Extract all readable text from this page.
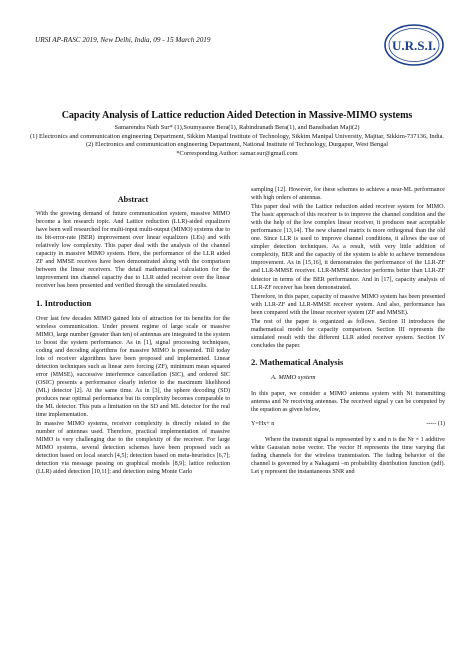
URSI AP-RASC 2019, New Delhi, India, 09 - 15 March 2019	U.R.S.I.
Capacity Analysis of Lattice reduction Aided Detection in Massive-MIMO systems
Samarendra Nath Sur* (1),Soumyasree Bera(1), Rabindranath Bera(1), and Bansibadan Maji(2)
(1) Electronics and communication engineering Department, Sikkim Manipal Institute of Technology, Sikkim Manipal University, Majitar, Sikkim-737136, India.
(2) Electronics and communication engineering Department, National Institute of Technology, Durgapur, West Bengal
*Corresponding Author: samar.sur@gmail.com
Abstract

With the growing demand of future communication system, massive MIMO become a hot research topic. And Lattice reduction (LLR)-aided equalizers have been well researched for multi-input multi-output (MIMO) systems due to its bit-error-rate (BER) improvement over linear equalizers (LEs) and with relatively low complexity. This paper deal with the analysis of the channel capacity in massive MIMO system. Here, the performance of the LLR aided ZF and MMSE receives have been demonstrated along with the comparison between the linear receivers. The detail mathematical calculation for the improvement inn channel capacity due to LLR aided receiver over the linear receiver has been presented and verified through the simulated results.

1. Introduction

Over last few decades MIMO gained lots of attraction for its benefits for the wireless communication. Under present regime of large scale or massive MIMO, large number (greater than ten) of antennas are integrated in the system to boost the system performance. As in [1], signal processing techniques, coding and decoding algorithms for massive MIMO is presented. Till today lots of receiver algorithms have been proposed and implemented. Linear detection techniques such as linear zero forcing (ZF), minimum mean squared error (MMSE), successive interference cancellation (SIC), and ordered SIC (OSIC) presents a performance clearly inferior to the maximum likelihood (ML) detector [2]. At the same time. As in [3], the sphere decoding (SD) produces near optimal performance but its complexity becomes comparable to the ML detector. This puts a limitation on the SD and ML detector for the real time implementation.

In massive MIMO systems, receiver complexity is directly related to the number of antennas used. Therefore, practical implementation of massive MIMO is very challenging due to the complexity of the receiver. For large MIMO systems, several detection schemes have been proposed such as detection based on local search [4,5]; detection based on meta-heuristics [6,7]; detection via message passing on graphical models [8,9]; lattice reduction (LLR) aided detection [10,11]; and detection using Monte Carlo

sampling [12]. However, for these schemes to achieve a near-ML performance with high orders of antennas.

This paper deal with the Lattice reduction aided receiver system for MIMO. The basic approach of this receiver is to improve the channel condition and the with the help of the low complex linear receiver, it produces near acceptable performance [13,14]. The new channel matrix is more orthogonal than the old one. Since LLR is used to improve channel conditions, it allows the use of simpler detection techniques. As a result, with very little addition of complexity, BER and the capacity of the system is able to achieve tremendous improvement. As in [15,16], it demonstrates the performance of the LLR-ZF and LLR-MMSE receiver. LLR-MMSE detector performs better than LLR-ZF detector in terms of the BER performance. And in [17], capacity analysis of LLR-ZF receiver has been demonstrated.

Therefore, in this paper, capacity of massive MIMO system has been presented with LLR-ZF and LLR-MMSE receiver system. And also, performance has been compared with the linear receiver system (ZF and MMSE).

The rest of the paper is organized as follows. Section II introduces the mathematical model for capacity comparison. Section III represents the simulated result with the different LLR aided receiver system. Section IV concludes the paper.

2. Mathematical Analysis
A. MIMO system

In this paper, we consider a MIMO antenna system with Nt transmitting antenna and Nr receiving antennas. The received signal y can be computed by the equation as given below,

Y=Hx+ n	----- (1)

Where the transmit signal is represented by x and n is the Nr × 1 additive white Gaussian noise vector. The vector H represents the time varying flat fading channels for the wireless transmission. The fading behavior of the channel is governed by a Nakagami –m probability distribution function (pdf). Let γ represent the instantaneous SNR and
